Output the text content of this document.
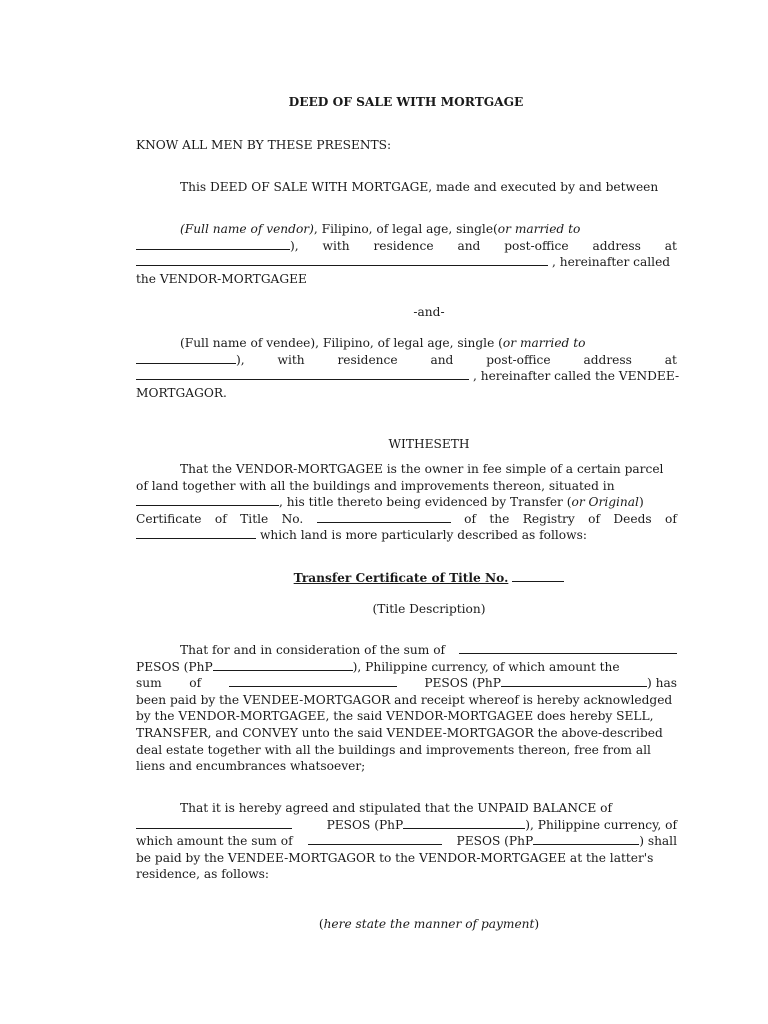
DEED OF SALE WITH MORTGAGE

KNOW ALL MEN BY THESE PRESENTS:

This DEED OF SALE WITH MORTGAGE, made and executed by and between

(Full name of vendor), Filipino, of legal age, single(or married to
), with residence and post-office address at
, hereinafter called
the VENDOR-MORTGAGEE

-and-

(Full name of vendee), Filipino, of legal age, single (or married to
),	with	residence	and	post-office	address	at
, hereinafter called the VENDEE-
MORTGAGOR.

WITHESETH

That the VENDOR-MORTGAGEE is the owner in fee simple of a certain parcel
of land together with all the buildings and improvements thereon, situated in
, his title thereto being evidenced by Transfer (or Original)
Certificate of Title No.	of the Registry of Deeds of
which land is more particularly described as follows:

Transfer Certificate of Title No.

(Title Description)

That for and in consideration of the sum of
PESOS (PhP	), Philippine currency, of which amount the
sum of	PESOS (PhP	) has
been paid by the VENDEE-MORTGAGOR and receipt whereof is hereby acknowledged
by the VENDOR-MORTGAGEE, the said VENDOR-MORTGAGEE does hereby SELL,
TRANSFER, and CONVEY unto the said VENDEE-MORTGAGOR the above-described
deal estate together with all the buildings and improvements thereon, free from all
liens and encumbrances whatsoever;
That it is hereby agreed and stipulated that the UNPAID BALANCE of
PESOS (PhP	), Philippine currency, of
which amount the sum of	PESOS (PhP	) shall
be paid by the VENDEE-MORTGAGOR to the VENDOR-MORTGAGEE at the latter's
residence, as follows:

(here state the manner of payment)
